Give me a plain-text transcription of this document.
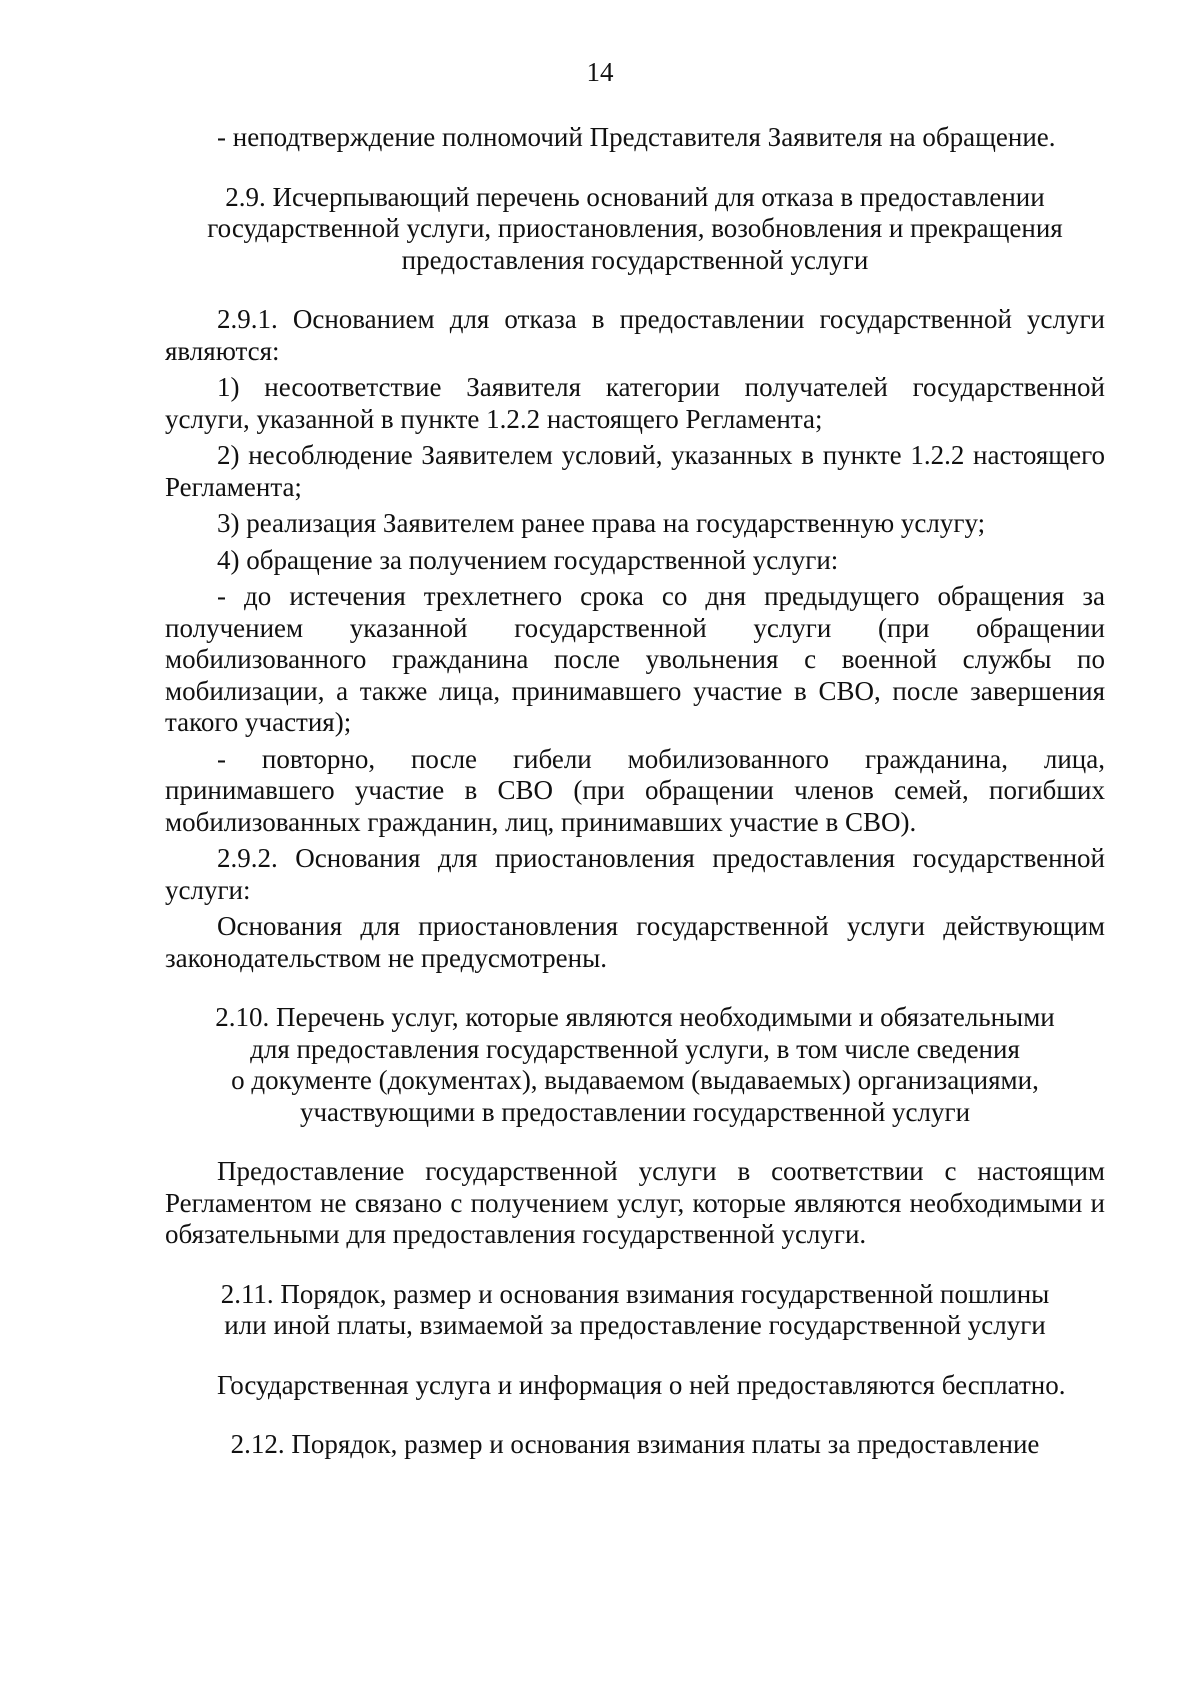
14

- неподтверждение полномочий Представителя Заявителя на обращение.

2.9. Исчерпывающий перечень оснований для отказа в предоставлении государственной услуги, приостановления, возобновления и прекращения предоставления государственной услуги

2.9.1. Основанием для отказа в предоставлении государственной услуги являются:

1) несоответствие Заявителя категории получателей государственной услуги, указанной в пункте 1.2.2 настоящего Регламента;

2) несоблюдение Заявителем условий, указанных в пункте 1.2.2 настоящего Регламента;

3) реализация Заявителем ранее права на государственную услугу;

4) обращение за получением государственной услуги:

- до истечения трехлетнего срока со дня предыдущего обращения за получением указанной государственной услуги (при обращении мобилизованного гражданина после увольнения с военной службы по мобилизации, а также лица, принимавшего участие в СВО, после завершения такого участия);

- повторно, после гибели мобилизованного гражданина, лица, принимавшего участие в СВО (при обращении членов семей, погибших мобилизованных гражданин, лиц, принимавших участие в СВО).

2.9.2. Основания для приостановления предоставления государственной услуги:

Основания для приостановления государственной услуги действующим законодательством не предусмотрены.

2.10. Перечень услуг, которые являются необходимыми и обязательными

для предоставления государственной услуги, в том числе сведения

о документе (документах), выдаваемом (выдаваемых) организациями,

участвующими в предоставлении государственной услуги

Предоставление государственной услуги в соответствии с настоящим Регламентом не связано с получением услуг, которые являются необходимыми и обязательными для предоставления государственной услуги.

2.11. Порядок, размер и основания взимания государственной пошлины

или иной платы, взимаемой за предоставление государственной услуги

Государственная услуга и информация о ней предоставляются бесплатно.

2.12. Порядок, размер и основания взимания платы за предоставление
